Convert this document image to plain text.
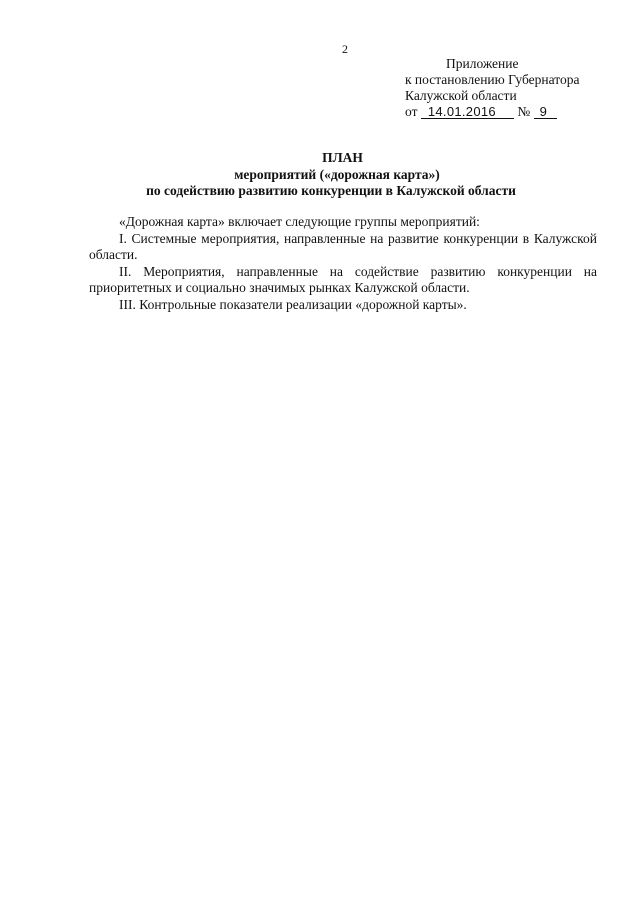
2
Приложение
к постановлению Губернатора
Калужской области
от 14.01.2016 № 9
ПЛАН
мероприятий («дорожная карта»)
по содействию развитию конкуренции в Калужской области

«Дорожная карта» включает следующие группы мероприятий:

I. Системные мероприятия, направленные на развитие конкуренции в Калужской области.

II. Мероприятия, направленные на содействие развитию конкуренции на приоритетных и социально значимых рынках Калужской области.

III. Контрольные показатели реализации «дорожной карты».
